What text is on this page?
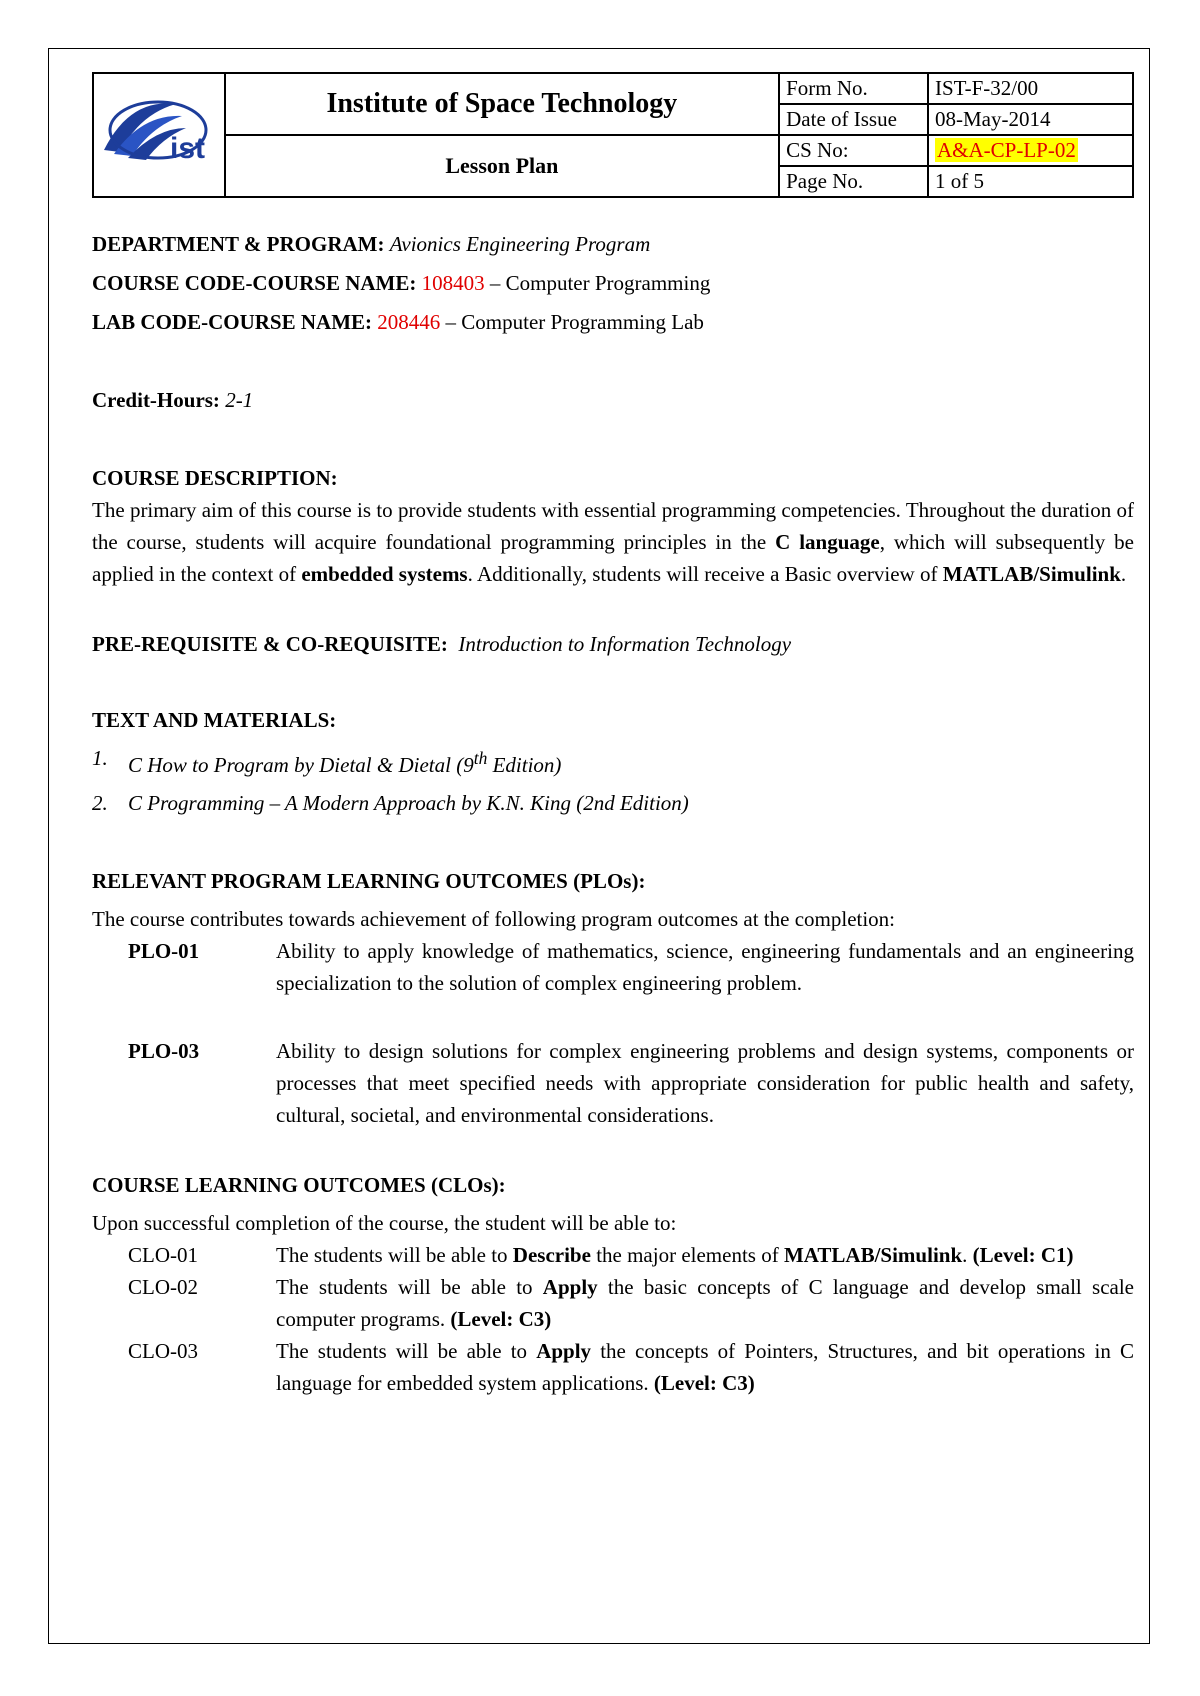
ist	Institute of Space Technology	Form No.	IST-F-32/00
		Date of Issue	08-May-2014
	Lesson Plan	CS No:	A&A-CP-LP-02
		Page No.	1 of 5

DEPARTMENT & PROGRAM: Avionics Engineering Program

COURSE CODE-COURSE NAME: 108403 – Computer Programming

LAB CODE-COURSE NAME: 208446 – Computer Programming Lab

Credit-Hours: 2-1

COURSE DESCRIPTION:

The primary aim of this course is to provide students with essential programming competencies. Throughout the duration of the course, students will acquire foundational programming principles in the C language, which will subsequently be applied in the context of embedded systems. Additionally, students will receive a Basic overview of MATLAB/Simulink.

PRE-REQUISITE & CO-REQUISITE: Introduction to Information Technology

TEXT AND MATERIALS:

1. C How to Program by Dietal & Dietal (9th Edition)
2. C Programming – A Modern Approach by K.N. King (2nd Edition)

RELEVANT PROGRAM LEARNING OUTCOMES (PLOs):

The course contributes towards achievement of following program outcomes at the completion:

PLO-01	Ability to apply knowledge of mathematics, science, engineering fundamentals and an engineering specialization to the solution of complex engineering problem.
PLO-03	Ability to design solutions for complex engineering problems and design systems, components or processes that meet specified needs with appropriate consideration for public health and safety, cultural, societal, and environmental considerations.

COURSE LEARNING OUTCOMES (CLOs):

Upon successful completion of the course, the student will be able to:

CLO-01	The students will be able to Describe the major elements of MATLAB/Simulink. (Level: C1)
CLO-02	The students will be able to Apply the basic concepts of C language and develop small scale computer programs. (Level: C3)
CLO-03	The students will be able to Apply the concepts of Pointers, Structures, and bit operations in C language for embedded system applications. (Level: C3)
